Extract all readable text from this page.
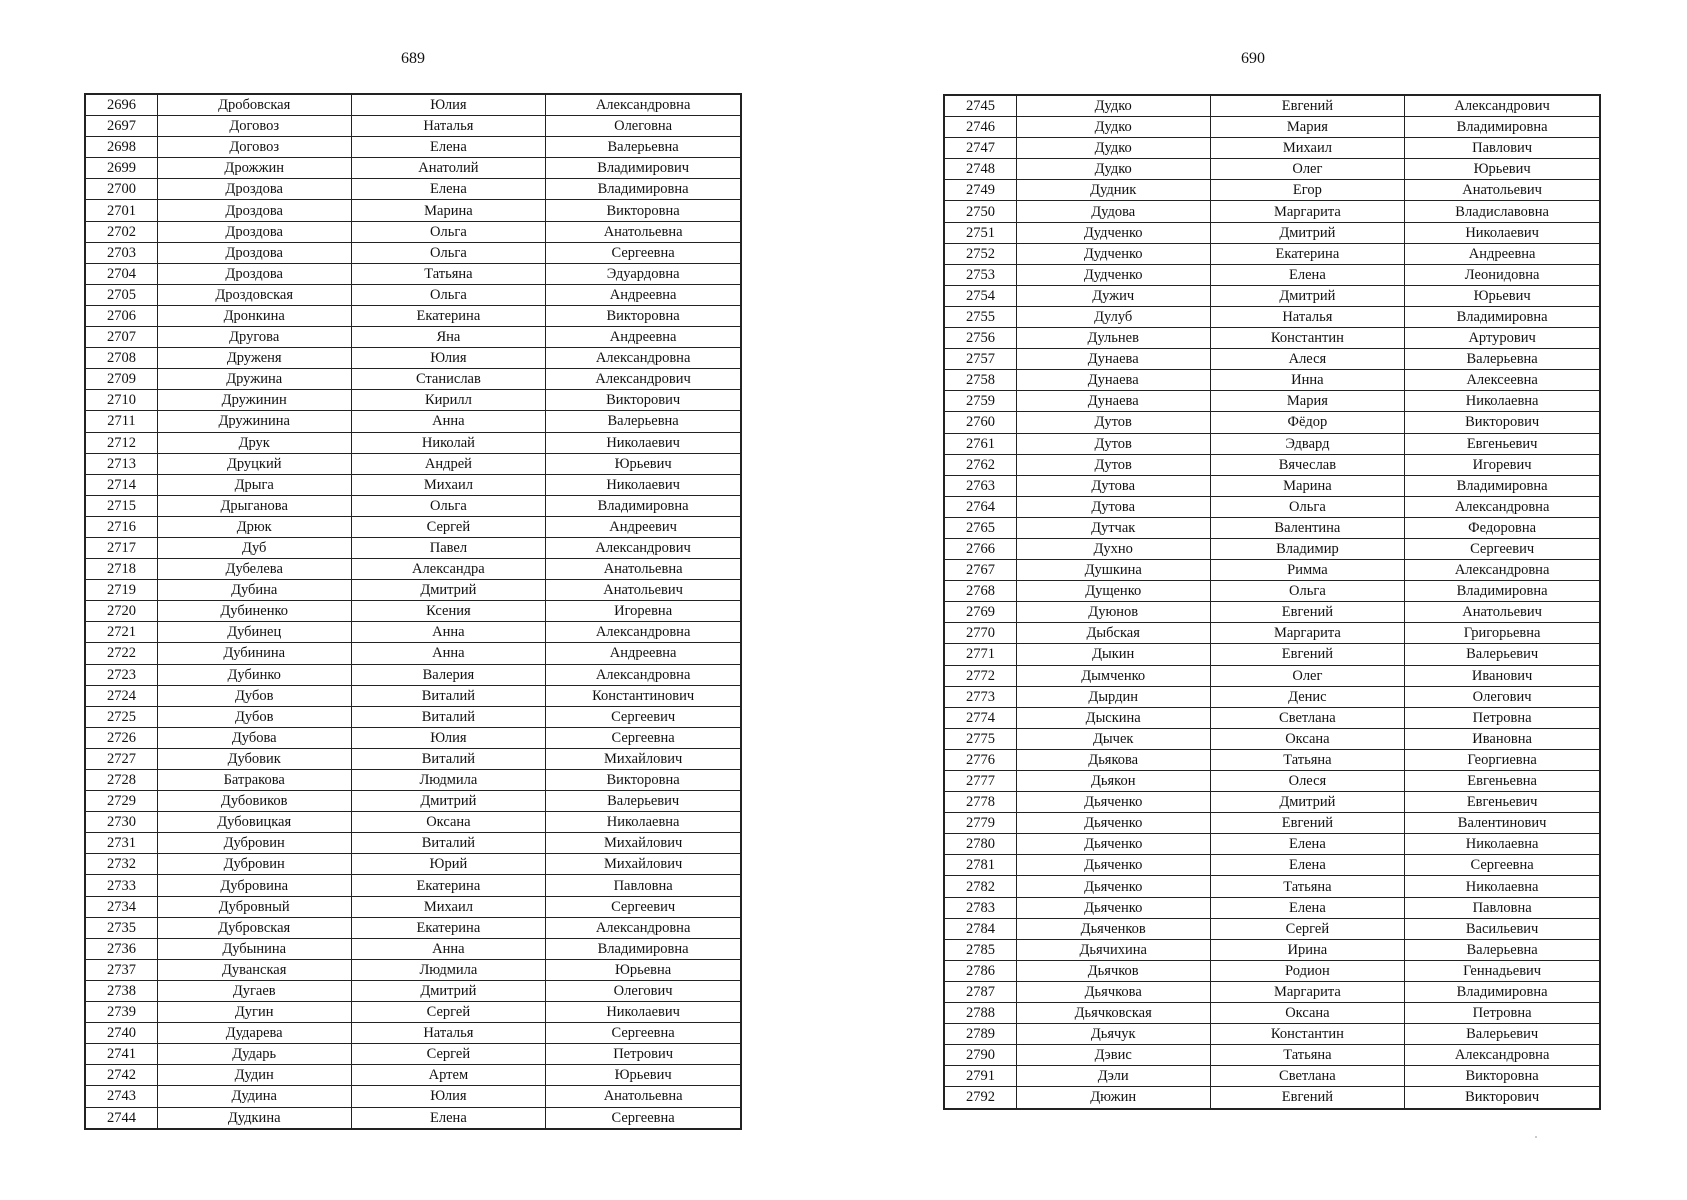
689
2696	Дробовская	Юлия	Александровна
2697	Договоз	Наталья	Олеговна
2698	Договоз	Елена	Валерьевна
2699	Дрожжин	Анатолий	Владимирович
2700	Дроздова	Елена	Владимировна
2701	Дроздова	Марина	Викторовна
2702	Дроздова	Ольга	Анатольевна
2703	Дроздова	Ольга	Сергеевна
2704	Дроздова	Татьяна	Эдуардовна
2705	Дроздовская	Ольга	Андреевна
2706	Дронкина	Екатерина	Викторовна
2707	Другова	Яна	Андреевна
2708	Друженя	Юлия	Александровна
2709	Дружина	Станислав	Александрович
2710	Дружинин	Кирилл	Викторович
2711	Дружинина	Анна	Валерьевна
2712	Друк	Николай	Николаевич
2713	Друцкий	Андрей	Юрьевич
2714	Дрыга	Михаил	Николаевич
2715	Дрыганова	Ольга	Владимировна
2716	Дрюк	Сергей	Андреевич
2717	Дуб	Павел	Александрович
2718	Дубелева	Александра	Анатольевна
2719	Дубина	Дмитрий	Анатольевич
2720	Дубиненко	Ксения	Игоревна
2721	Дубинец	Анна	Александровна
2722	Дубинина	Анна	Андреевна
2723	Дубинко	Валерия	Александровна
2724	Дубов	Виталий	Константинович
2725	Дубов	Виталий	Сергеевич
2726	Дубова	Юлия	Сергеевна
2727	Дубовик	Виталий	Михайлович
2728	Батракова	Людмила	Викторовна
2729	Дубовиков	Дмитрий	Валерьевич
2730	Дубовицкая	Оксана	Николаевна
2731	Дубровин	Виталий	Михайлович
2732	Дубровин	Юрий	Михайлович
2733	Дубровина	Екатерина	Павловна
2734	Дубровный	Михаил	Сергеевич
2735	Дубровская	Екатерина	Александровна
2736	Дубынина	Анна	Владимировна
2737	Дуванская	Людмила	Юрьевна
2738	Дугаев	Дмитрий	Олегович
2739	Дугин	Сергей	Николаевич
2740	Дударева	Наталья	Сергеевна
2741	Дударь	Сергей	Петрович
2742	Дудин	Артем	Юрьевич
2743	Дудина	Юлия	Анатольевна
2744	Дудкина	Елена	Сергеевна
690
2745	Дудко	Евгений	Александрович
2746	Дудко	Мария	Владимировна
2747	Дудко	Михаил	Павлович
2748	Дудко	Олег	Юрьевич
2749	Дудник	Егор	Анатольевич
2750	Дудова	Маргарита	Владиславовна
2751	Дудченко	Дмитрий	Николаевич
2752	Дудченко	Екатерина	Андреевна
2753	Дудченко	Елена	Леонидовна
2754	Дужич	Дмитрий	Юрьевич
2755	Дулуб	Наталья	Владимировна
2756	Дульнев	Константин	Артурович
2757	Дунаева	Алеся	Валерьевна
2758	Дунаева	Инна	Алексеевна
2759	Дунаева	Мария	Николаевна
2760	Дутов	Фёдор	Викторович
2761	Дутов	Эдвард	Евгеньевич
2762	Дутов	Вячеслав	Игоревич
2763	Дутова	Марина	Владимировна
2764	Дутова	Ольга	Александровна
2765	Дутчак	Валентина	Федоровна
2766	Духно	Владимир	Сергеевич
2767	Душкина	Римма	Александровна
2768	Дущенко	Ольга	Владимировна
2769	Дуюнов	Евгений	Анатольевич
2770	Дыбская	Маргарита	Григорьевна
2771	Дыкин	Евгений	Валерьевич
2772	Дымченко	Олег	Иванович
2773	Дырдин	Денис	Олегович
2774	Дыскина	Светлана	Петровна
2775	Дычек	Оксана	Ивановна
2776	Дьякова	Татьяна	Георгиевна
2777	Дьякон	Олеся	Евгеньевна
2778	Дьяченко	Дмитрий	Евгеньевич
2779	Дьяченко	Евгений	Валентинович
2780	Дьяченко	Елена	Николаевна
2781	Дьяченко	Елена	Сергеевна
2782	Дьяченко	Татьяна	Николаевна
2783	Дьяченко	Елена	Павловна
2784	Дьяченков	Сергей	Васильевич
2785	Дьячихина	Ирина	Валерьевна
2786	Дьячков	Родион	Геннадьевич
2787	Дьячкова	Маргарита	Владимировна
2788	Дьячковская	Оксана	Петровна
2789	Дьячук	Константин	Валерьевич
2790	Дэвис	Татьяна	Александровна
2791	Дэли	Светлана	Викторовна
2792	Дюжин	Евгений	Викторович
